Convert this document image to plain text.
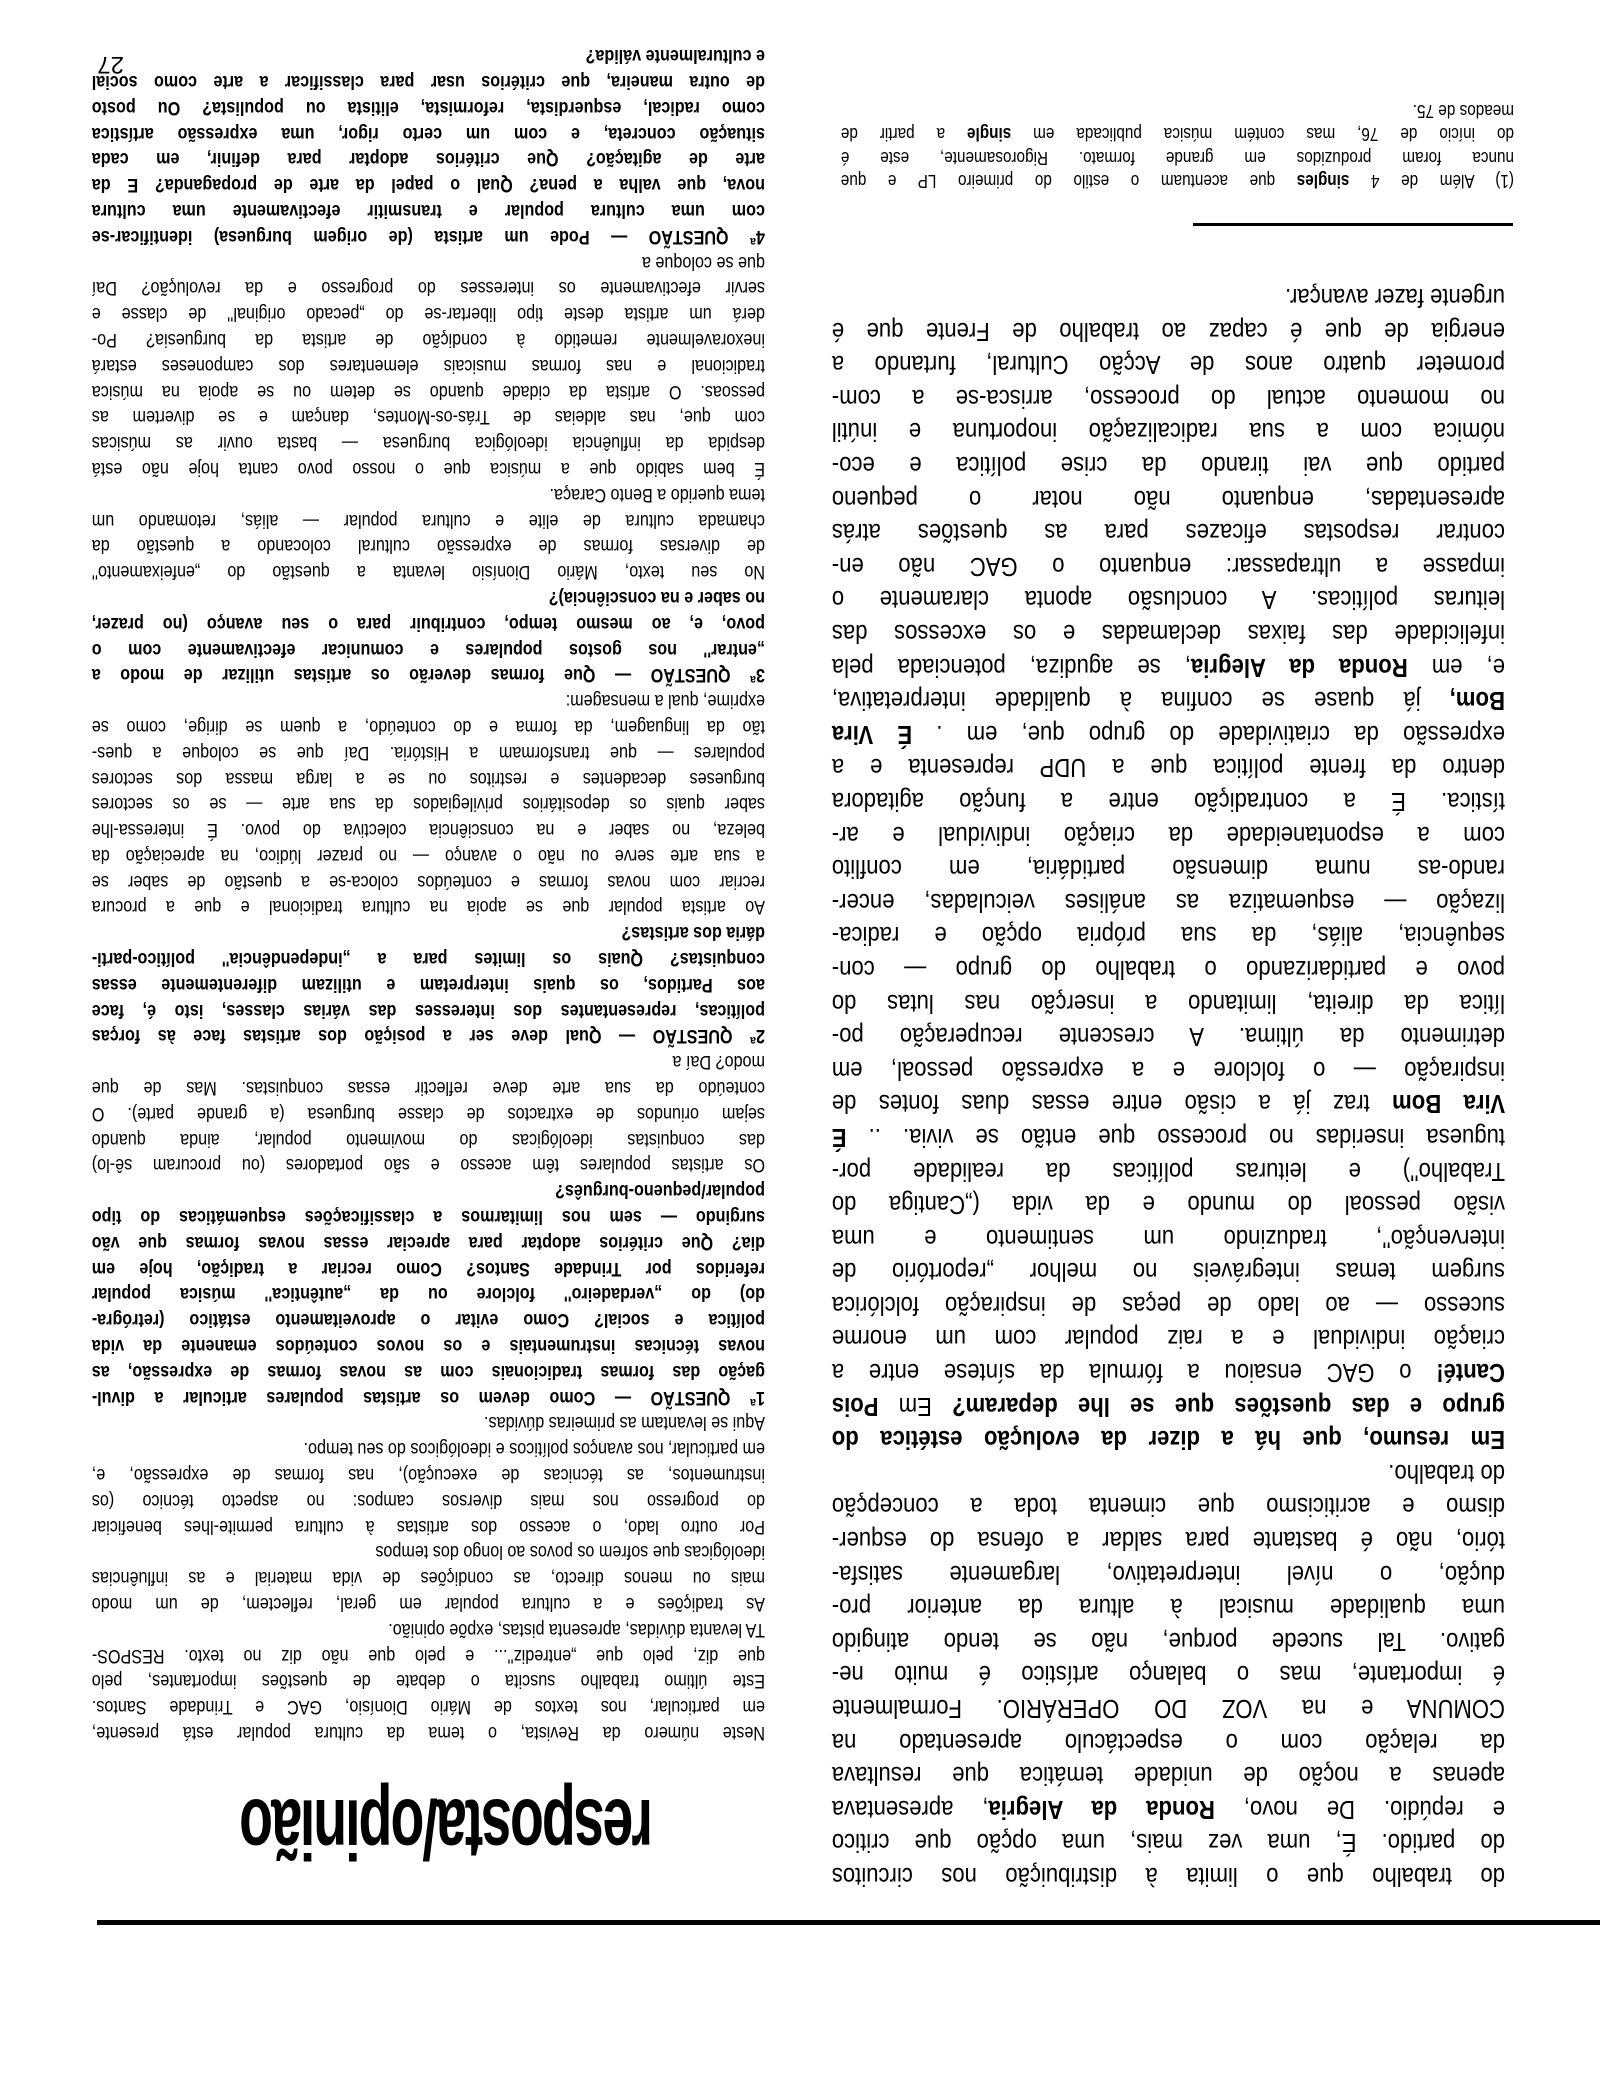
resposta/opinião
do trabalho que o limita à distribuição nos circuitos
do partido. É, uma vez mais, uma opção que critico
e repúdio. De novo, Ronda da Alegria, apresentava
apenas a noção de unidade temática que resultava
da relação com o espectáculo apresentado na
COMUNA e na VOZ DO OPERÁRIO. Formalmente
é importante, mas o balanço artístico é muito ne-
gativo. Tal sucede porque, não se tendo atingido
uma qualidade musical à altura da anterior pro-
dução, o nível interpretativo, largamente satisfa-
tório, não é bastante para saldar a ofensa do esquer-
dismo e acriticismo que cimenta toda a concepção
do trabalho.
Em resumo, que há a dizer da evolução estética do
grupo e das questões que se lhe deparam? Em Pois
Canté! o GAC ensaiou a fórmula da síntese entre a
criação individual e a raiz popular com um enorme
sucesso — ao lado de peças de inspiração folclórica
surgem temas integráveis no melhor „reportório de
intervenção'', traduzindo um sentimento e uma
visão pessoal do mundo e da vida („Cantiga do
Trabalho'') e leituras políticas da realidade por-
tuguesa inseridas no processo que então se vivia. .. É
Vira Bom traz já a cisão entre essas duas fontes de
inspiração — o folclore e a expressão pessoal, em
detrimento da última. A crescente recuperação po-
lítica da direita, limitando a inserção nas lutas do
povo e partidarizando o trabalho do grupo — con-
sequência, aliás, da sua própria opção e radica-
lização — esquematiza as análises veiculadas, encer-
rando-as numa dimensão partidária, em conflito
com a espontaneidade da criação individual e ar-
tística. É a contradição entre a função agitadora
dentro da frente política que a UDP representa e a
expressão da criatividade do grupo que, em . É Vira
Bom, já quase se confina à qualidade interpretativa,
e, em Ronda da Alegria, se agudiza, potenciada pela
infelicidade das faixas declamadas e os excessos das
leituras políticas. A conclusão aponta claramente o
impasse a ultrapassar: enquanto o GAC não en-
contrar respostas eficazes para as questões atrás
apresentadas, enquanto não notar o pequeno
partido que vai tirando da crise política e eco-
nómica com a sua radicalização inoportuna e inútil
no momento actual do processo, arrisca-se a com-
prometer quatro anos de Acção Cultural, furtando a
energia de que é capaz ao trabalho de Frente que é
urgente fazer avançar.
(1) Além de 4 singles que acentuam o estilo do primeiro LP e que
nunca foram produzidos em grande formato. Rigorosamente, este é
do início de 76, mas contém música publicada em single a partir de
meados de 75.
Neste número da Revista, o tema da cultura popular está presente,
em particular, nos textos de Mário Dionísio, GAC e Trindade Santos.
Este último trabalho suscita o debate de questões importantes, pelo
que diz, pelo que „entrediz''... e pelo que não diz no texto. RESPOS-
TA levanta dúvidas, apresenta pistas, expõe opinião.
As tradições e a cultura popular em geral, reflectem, de um modo
mais ou menos directo, as condições de vida material e as influências
ideológicas que sofrem os povos ao longo dos tempos
Por outro lado, o acesso dos artistas à cultura permite-lhes beneficiar
do progresso nos mais diversos campos: no aspecto técnico (os
instrumentos, as técnicas de execução), nas formas de expressão, e,
em particular, nos avanços políticos e ideológicos do seu tempo.
Aqui se levantam as primeiras dúvidas.
1ª QUESTÃO — Como devem os artistas populares articular a divul-
gação das formas tradicionais com as novas formas de expressão, as
novas técnicas instrumentais e os novos conteúdos emanente da vida
política e social? Como evitar o aproveitamento estático (retrógra-
do) do „verdadeiro'' folclore ou da „autêntica'' música popular
referidos por Trindade Santos? Como recriar a tradição, hoje em
dia? Que critérios adoptar para apreciar essas novas formas que vão
surgindo — sem nos limitarmos a classificações esquemáticas do tipo
popular/pequeno-burguês?
Os artistas populares têm acesso e são portadores (ou procuram sê-lo)
das conquistas ideológicas do movimento popular, ainda quando
sejam oriundos de extractos de classe burguesa (a grande parte). O
conteúdo da sua arte deve reflectir essas conquistas. Mas de que
modo? Daí a
2ª QUESTÃO — Qual deve ser a posição dos artistas face às forças
políticas, representantes dos interesses das várias classes, isto é, face
aos Partidos, os quais interpretam e utilizam diferentemente essas
conquistas? Quais os limites para a „independência'' político-parti-
dária dos artistas?
Ao artista popular que se apoia na cultura tradicional e que a procura
recriar com novas formas e conteúdos coloca-se a questão de saber se
a sua arte serve ou não o avanço — no prazer lúdico, na apreciação da
beleza, no saber e na consciência colectiva do povo. É interessa-lhe
saber quais os depositários privilegiados da sua arte — se os sectores
burgueses decadentes e restritos ou se a larga massa dos sectores
populares — que transformam a História. Daí que se coloque a ques-
tão da linguagem, da forma e do conteúdo, a quem se dirige, como se
exprime, qual a mensagem:
3ª QUESTÃO — Que formas deverão os artistas utilizar de modo a
„entrar'' nos gostos populares e comunicar efectivamente com o
povo, e, ao mesmo tempo, contribuir para o seu avanço (no prazer,
no saber e na consciência)?
No seu texto, Mário Dionísio levanta a questão do „enfeixamento''
de diversas formas de expressão cultural colocando a questão da
chamada cultura de elite e cultura popular — aliás, retomando um
tema querido a Bento Caraça.
É bem sabido que a música que o nosso povo canta hoje não está
despida da influência ideológica burguesa — basta ouvir as músicas
com que, nas aldeias de Trás-os-Montes, dançam e se divertem as
pessoas. O artista da cidade quando se detem ou se apoia na música
tradicional e nas formas musicais elementares dos camponeses estará
inexoravelmente remetido à condição de artista da burguesia? Po-
derá um artista deste tipo libertar-se do „pecado original'' de classe e
servir efectivamente os interesses do progresso e da revolução? Daí
que se coloque a
4ª QUESTÃO — Pode um artista (de origem burguesa) identificar-se
com uma cultura popular e transmitir efectivamente uma cultura
nova, que valha a pena? Qual o papel da arte de propaganda? E da
arte de agitação? Que critérios adoptar para definir, em cada
situação concreta, e com um certo rigor, uma expressão artística
como radical, esquerdista, reformista, elitista ou populista? Ou posto
de outra maneira, que critérios usar para classificar a arte como social
e culturalmente válida?
27
